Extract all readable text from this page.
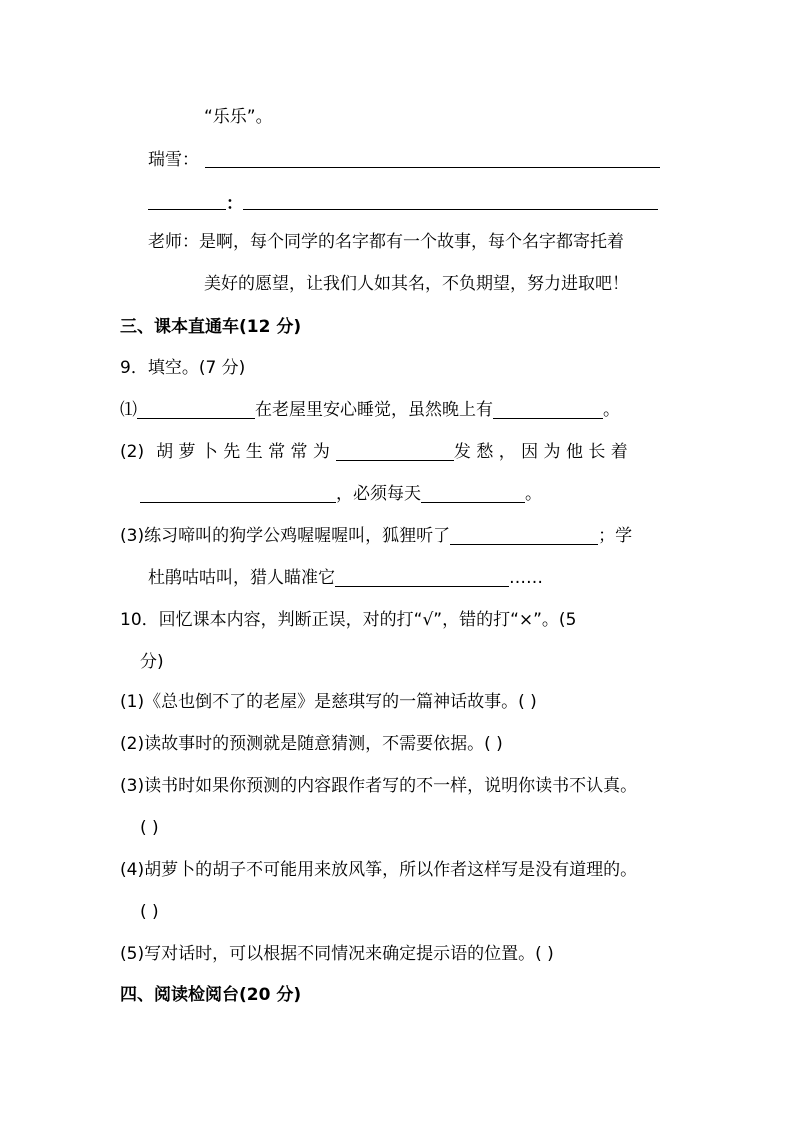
“乐乐”。
瑞雪：
：
老师：是啊，每个同学的名字都有一个故事，每个名字都寄托着
美好的愿望，让我们人如其名，不负期望，努力进取吧！
三、课本直通车(12 分)
9．填空。(7 分)
⑴	在老屋里安心睡觉，虽然晚上有	。
(2) 胡 萝 卜 先 生 常 常 为	发 愁 ， 因 为 他 长 着
，必须每天	。
(3)练习啼叫的狗学公鸡喔喔喔叫，狐狸听了	；学
杜鹃咕咕叫，猎人瞄准它	……
10．回忆课本内容，判断正误，对的打“√”，错的打“×”。(5
分)
(1)《总也倒不了的老屋》是慈琪写的一篇神话故事。( )
(2)读故事时的预测就是随意猜测，不需要依据。( )
(3)读书时如果你预测的内容跟作者写的不一样，说明你读书不认真。
( )
(4)胡萝卜的胡子不可能用来放风筝，所以作者这样写是没有道理的。
( )
(5)写对话时，可以根据不同情况来确定提示语的位置。( )
四、阅读检阅台(20 分)
